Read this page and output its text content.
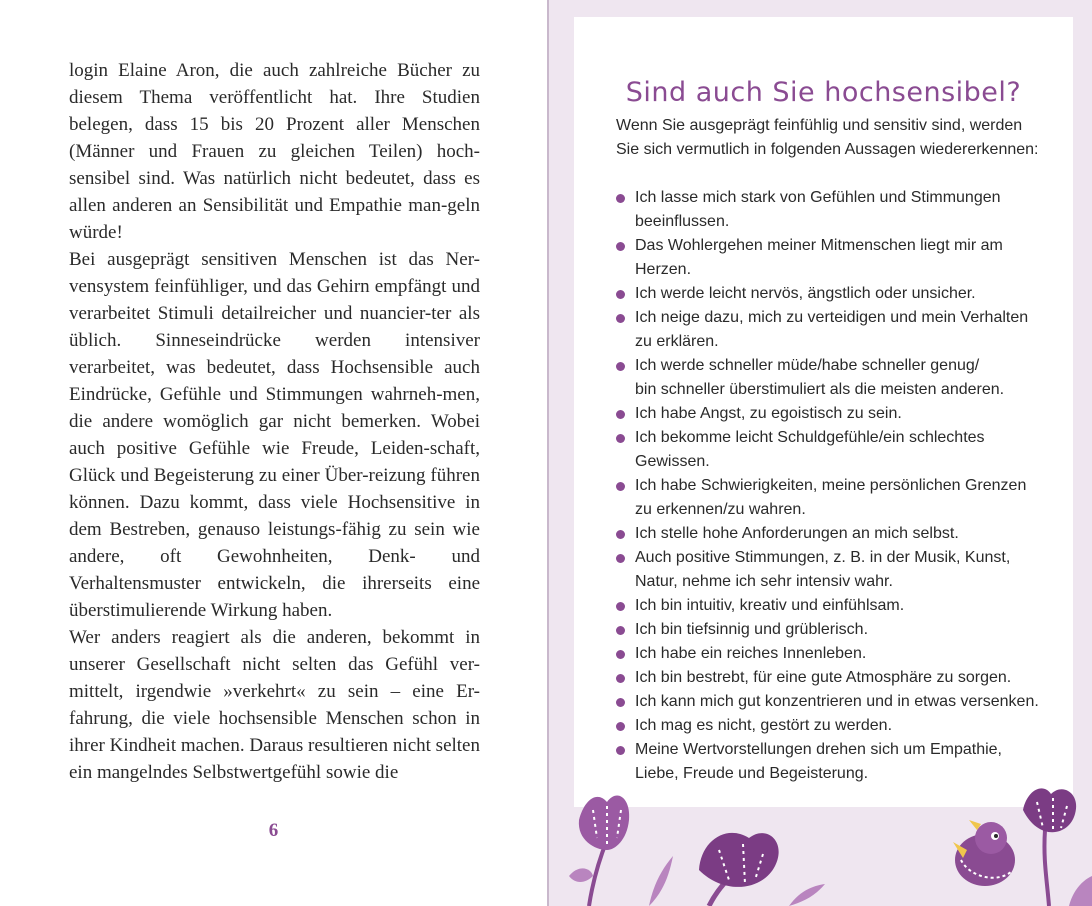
login Elaine Aron, die auch zahlreiche Bücher zu diesem Thema veröffentlicht hat. Ihre Studien belegen, dass 15 bis 20 Prozent aller Menschen (Männer und Frauen zu gleichen Teilen) hoch-sensibel sind. Was natürlich nicht bedeutet, dass es allen anderen an Sensibilität und Empathie man-geln würde!

Bei ausgeprägt sensitiven Menschen ist das Ner-vensystem feinfühliger, und das Gehirn empfängt und verarbeitet Stimuli detailreicher und nuancier-ter als üblich. Sinneseindrücke werden intensiver verarbeitet, was bedeutet, dass Hochsensible auch Eindrücke, Gefühle und Stimmungen wahrneh-men, die andere womöglich gar nicht bemerken. Wobei auch positive Gefühle wie Freude, Leiden-schaft, Glück und Begeisterung zu einer Über-reizung führen können. Dazu kommt, dass viele Hochsensitive in dem Bestreben, genauso leistungs-fähig zu sein wie andere, oft Gewohnheiten, Denk- und Verhaltensmuster entwickeln, die ihrerseits eine überstimulierende Wirkung haben.

Wer anders reagiert als die anderen, bekommt in unserer Gesellschaft nicht selten das Gefühl ver-mittelt, irgendwie »verkehrt« zu sein – eine Er-fahrung, die viele hochsensible Menschen schon in ihrer Kindheit machen. Daraus resultieren nicht selten ein mangelndes Selbstwertgefühl sowie die

6
Sind auch Sie hochsensibel?
Wenn Sie ausgeprägt feinfühlig und sensitiv sind, werden
Sie sich vermutlich in folgenden Aussagen wiedererkennen:
Ich lasse mich stark von Gefühlen und Stimmungen
beeinflussen.
Das Wohlergehen meiner Mitmenschen liegt mir am
Herzen.
Ich werde leicht nervös, ängstlich oder unsicher.
Ich neige dazu, mich zu verteidigen und mein Verhalten
zu erklären.
Ich werde schneller müde/habe schneller genug/
bin schneller überstimuliert als die meisten anderen.
Ich habe Angst, zu egoistisch zu sein.
Ich bekomme leicht Schuldgefühle/ein schlechtes
Gewissen.
Ich habe Schwierigkeiten, meine persönlichen Grenzen
zu erkennen/zu wahren.
Ich stelle hohe Anforderungen an mich selbst.
Auch positive Stimmungen, z. B. in der Musik, Kunst,
Natur, nehme ich sehr intensiv wahr.
Ich bin intuitiv, kreativ und einfühlsam.
Ich bin tiefsinnig und grüblerisch.
Ich habe ein reiches Innenleben.
Ich bin bestrebt, für eine gute Atmosphäre zu sorgen.
Ich kann mich gut konzentrieren und in etwas versenken.
Ich mag es nicht, gestört zu werden.
Meine Wertvorstellungen drehen sich um Empathie,
Liebe, Freude und Begeisterung.
